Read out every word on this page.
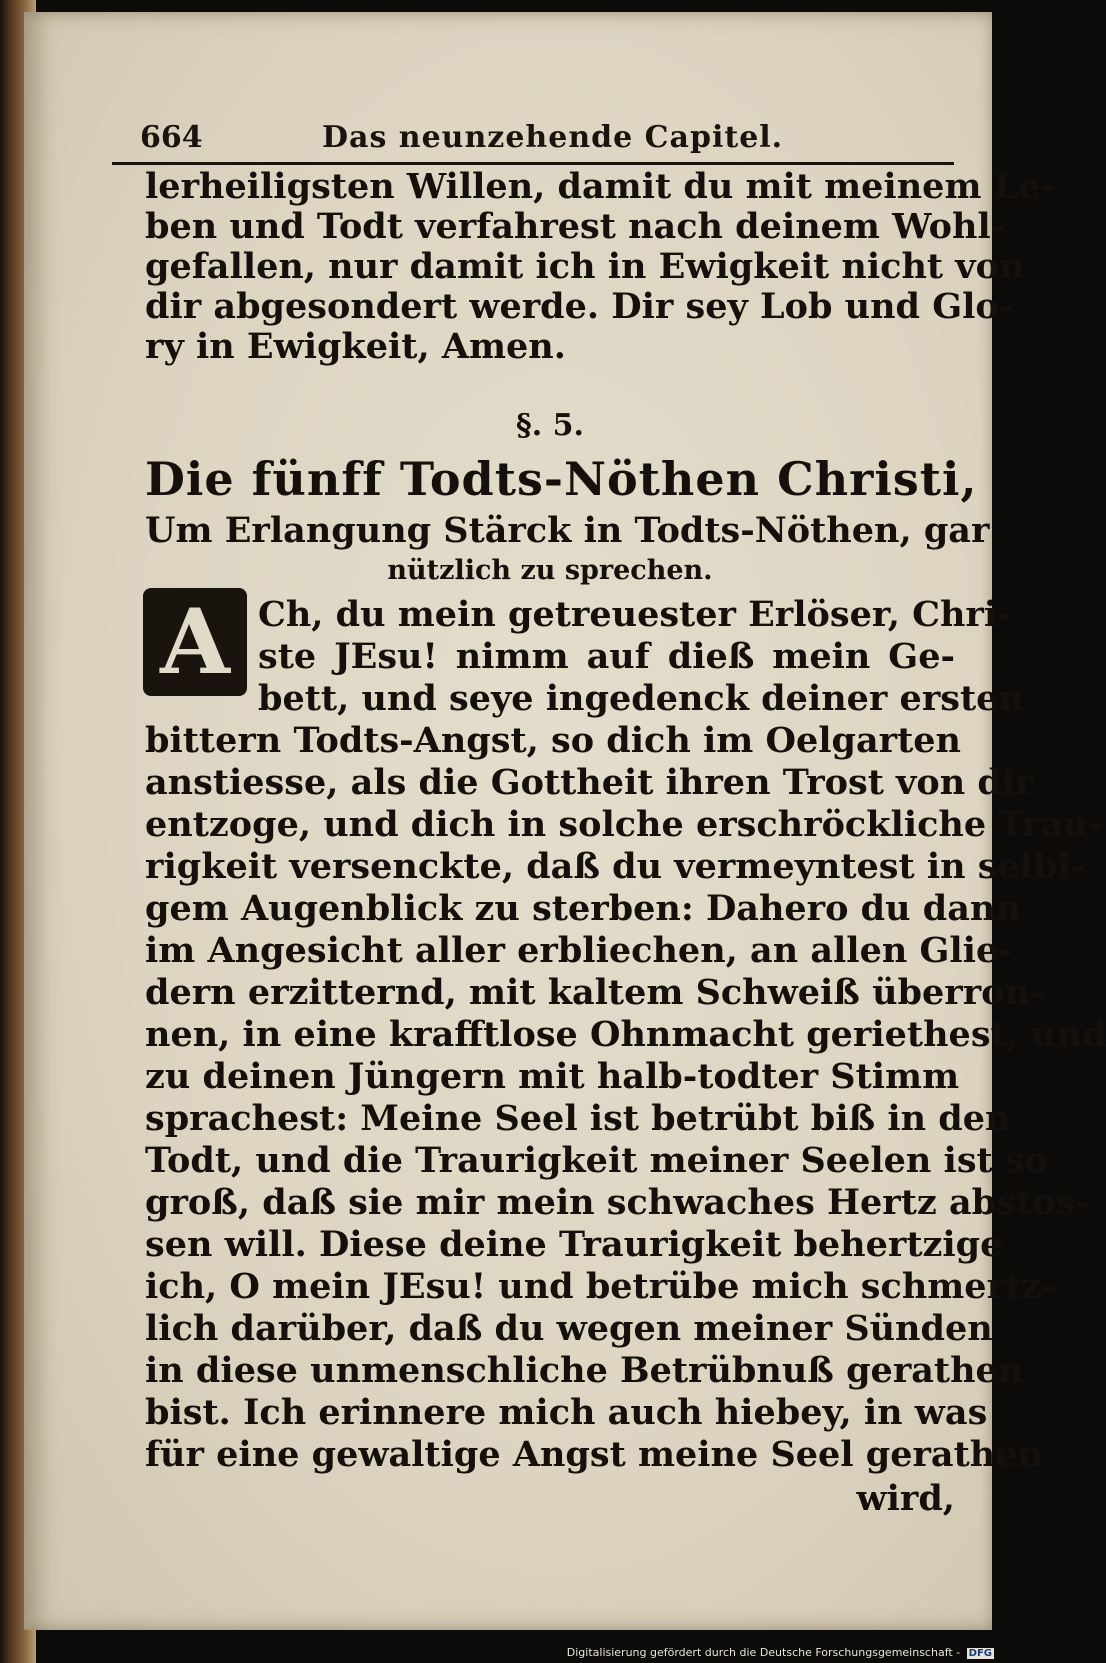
664	Das neunzehende Capitel.
lerheiligsten Willen, damit du mit meinem Le-
ben und Todt verfahrest nach deinem Wohl-
gefallen, nur damit ich in Ewigkeit nicht von
dir abgesondert werde. Dir sey Lob und Glo-
ry in Ewigkeit, Amen.
§. 5.
Die fünff Todts-Nöthen Christi,
Um Erlangung Stärck in Todts-Nöthen, gar
nützlich zu sprechen.
A Ch, du mein getreuester Erlöser, Chri-
ste JEsu! nimm auf dieß mein Ge-
bett, und seye ingedenck deiner ersten
bittern Todts-Angst, so dich im Oelgarten
anstiesse, als die Gottheit ihren Trost von dir
entzoge, und dich in solche erschröckliche Trau-
rigkeit versenckte, daß du vermeyntest in selbi-
gem Augenblick zu sterben: Dahero du dann
im Angesicht aller erbliechen, an allen Glie-
dern erzitternd, mit kaltem Schweiß überron-
nen, in eine krafftlose Ohnmacht geriethest, und
zu deinen Jüngern mit halb-todter Stimm
sprachest: Meine Seel ist betrübt biß in den
Todt, und die Traurigkeit meiner Seelen ist so
groß, daß sie mir mein schwaches Hertz abstos-
sen will. Diese deine Traurigkeit behertzige
ich, O mein JEsu! und betrübe mich schmertz-
lich darüber, daß du wegen meiner Sünden
in diese unmenschliche Betrübnuß gerathen
bist. Ich erinnere mich auch hiebey, in was
für eine gewaltige Angst meine Seel gerathen
wird,
Digitalisierung gefördert durch die Deutsche Forschungsgemeinschaft - DFG
